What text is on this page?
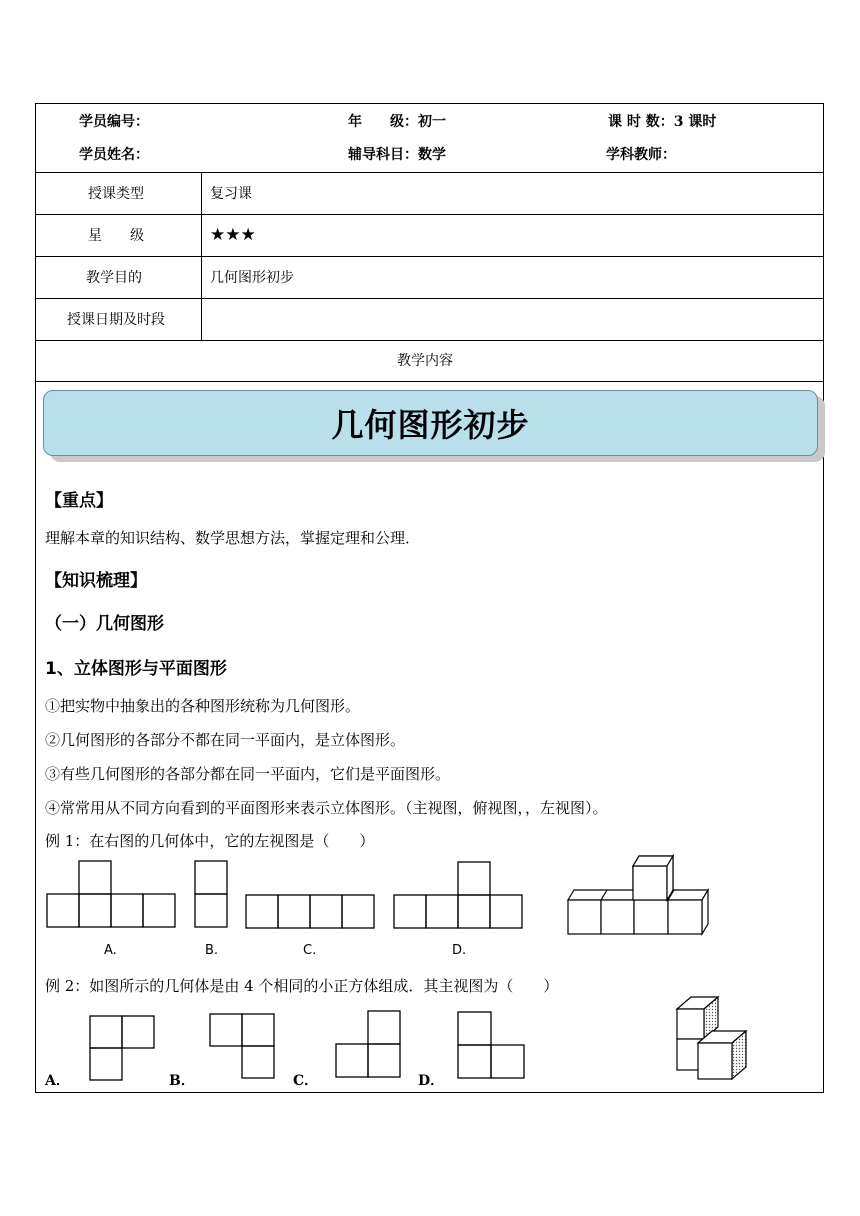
学员编号：	年　　级：初一	课 时 数：3 课时
学员姓名：	辅导科目：数学	学科教师：
授课类型	复习课
星　　级	★★★
教学目的	几何图形初步
授课日期及时段
教学内容
几何图形初步
【重点】
理解本章的知识结构、数学思想方法，掌握定理和公理．
【知识梳理】
（一）几何图形
1、立体图形与平面图形
①把实物中抽象出的各种图形统称为几何图形。
②几何图形的各部分不都在同一平面内，是立体图形。
③有些几何图形的各部分都在同一平面内，它们是平面图形。
④常常用从不同方向看到的平面图形来表示立体图形。（主视图，俯视图，，左视图）。
例 1：在右图的几何体中，它的左视图是（　　）
A.	B.	C.	D.
例 2：如图所示的几何体是由 4 个相同的小正方体组成．其主视图为（　　）
A．	B．	C．	D．
